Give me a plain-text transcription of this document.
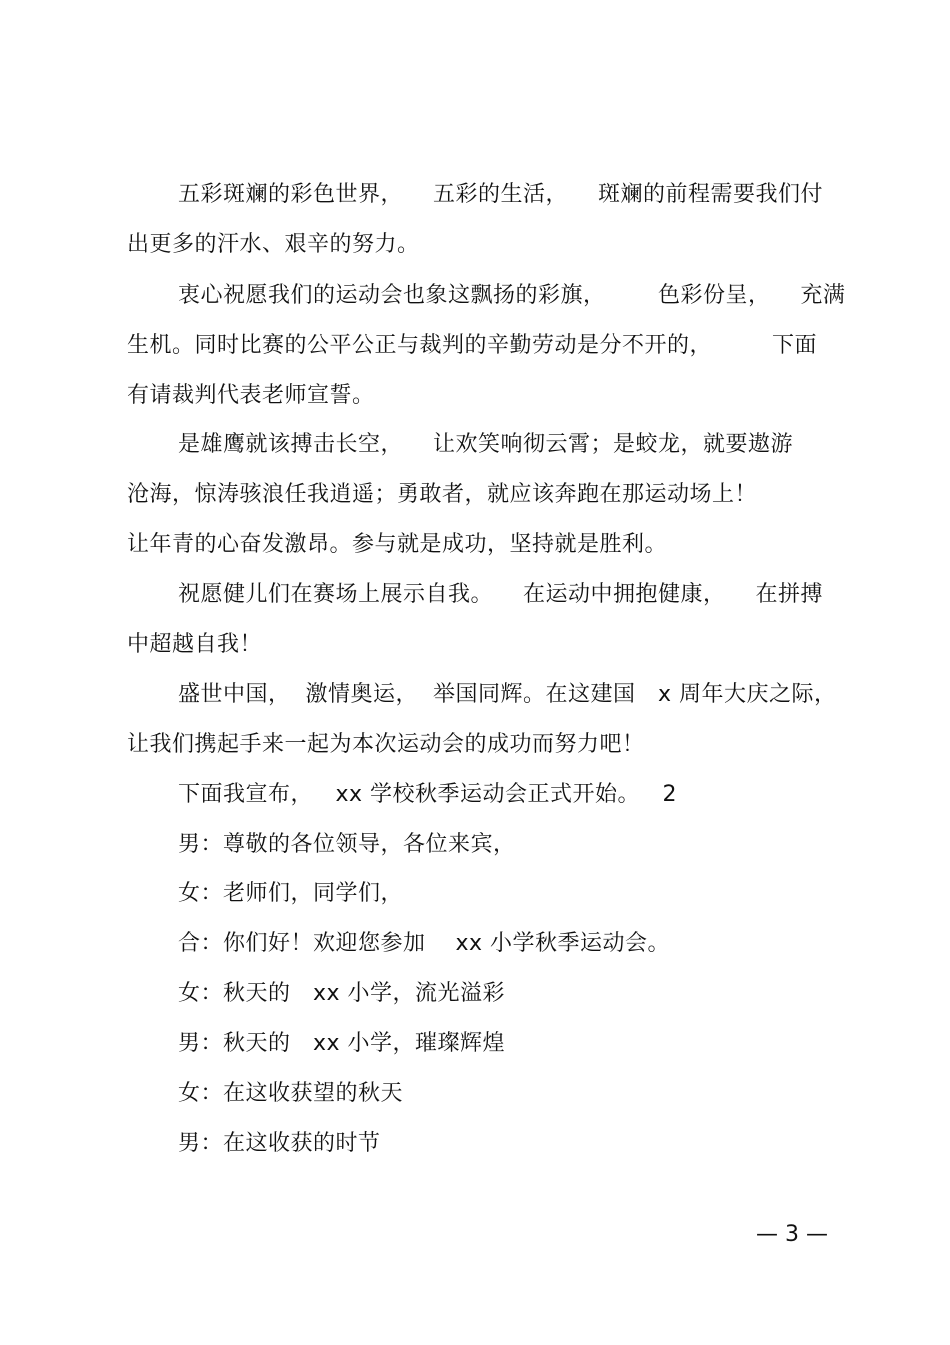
五彩斑斓的彩色世界，    五彩的生活，    斑斓的前程需要我们付
出更多的汗水、艰辛的努力。
衷心祝愿我们的运动会也象这飘扬的彩旗，       色彩份呈，    充满
生机。同时比赛的公平公正与裁判的辛勤劳动是分不开的，        下面
有请裁判代表老师宣誓。
是雄鹰就该搏击长空，    让欢笑响彻云霄；是蛟龙，就要遨游
沧海，惊涛骇浪任我逍遥；勇敢者，就应该奔跑在那运动场上！
让年青的心奋发激昂。参与就是成功，坚持就是胜利。
祝愿健儿们在赛场上展示自我。    在运动中拥抱健康，    在拼搏
中超越自我！
盛世中国，  激情奥运，  举国同辉。在这建国   x 周年大庆之际，
让我们携起手来一起为本次运动会的成功而努力吧！
下面我宣布，   xx 学校秋季运动会正式开始。   2
男：尊敬的各位领导，各位来宾，
女：老师们，同学们，
合：你们好！欢迎您参加    xx 小学秋季运动会。
女：秋天的   xx 小学，流光溢彩
男：秋天的   xx 小学，璀璨辉煌
女：在这收获望的秋天
男：在这收获的时节
— 3 —
